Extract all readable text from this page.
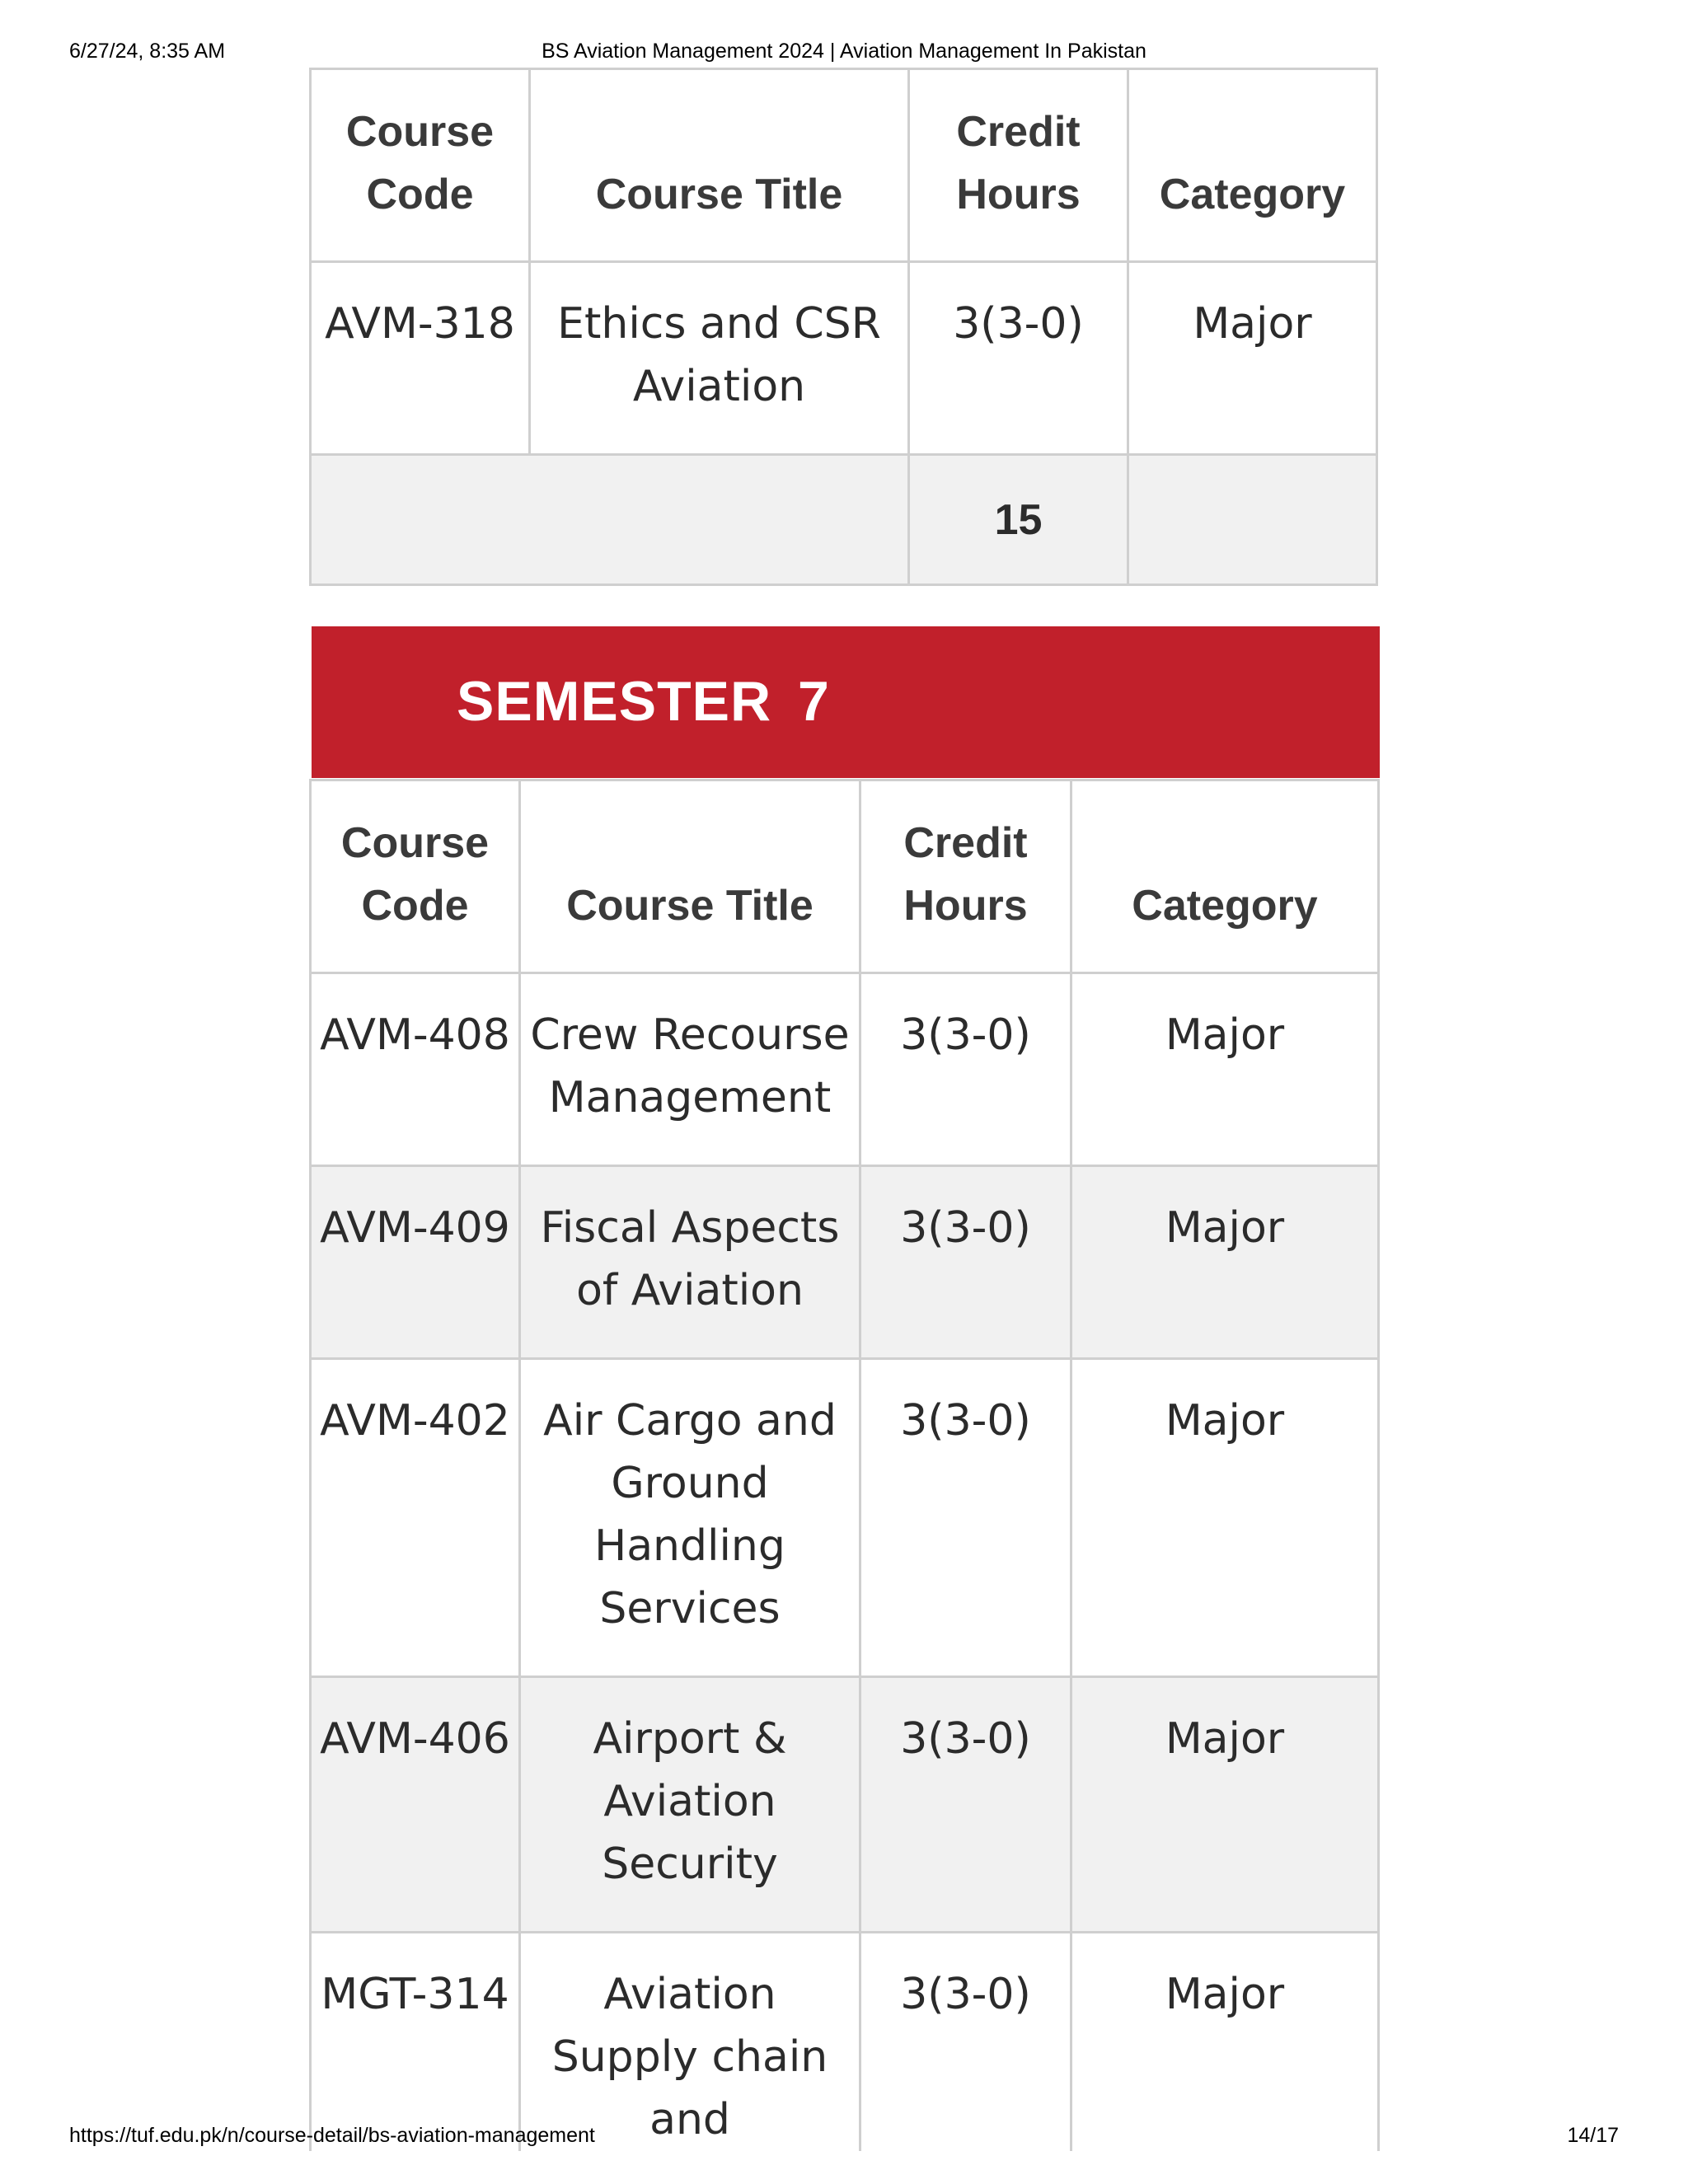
6/27/24, 8:35 AM	BS Aviation Management 2024 | Aviation Management In Pakistan
Course Code	Course Title	Credit Hours	Category
AVM-318	Ethics and CSR Aviation	3(3-0)	Major
		15	
SEMESTER 7
Course Code	Course Title	Credit Hours	Category
AVM-408	Crew Recourse Management	3(3-0)	Major
AVM-409	Fiscal Aspects of Aviation	3(3-0)	Major
AVM-402	Air Cargo and Ground Handling Services	3(3-0)	Major
AVM-406	Airport & Aviation Security	3(3-0)	Major
MGT-314	Aviation Supply chain and	3(3-0)	Major
https://tuf.edu.pk/n/course-detail/bs-aviation-management	14/17
